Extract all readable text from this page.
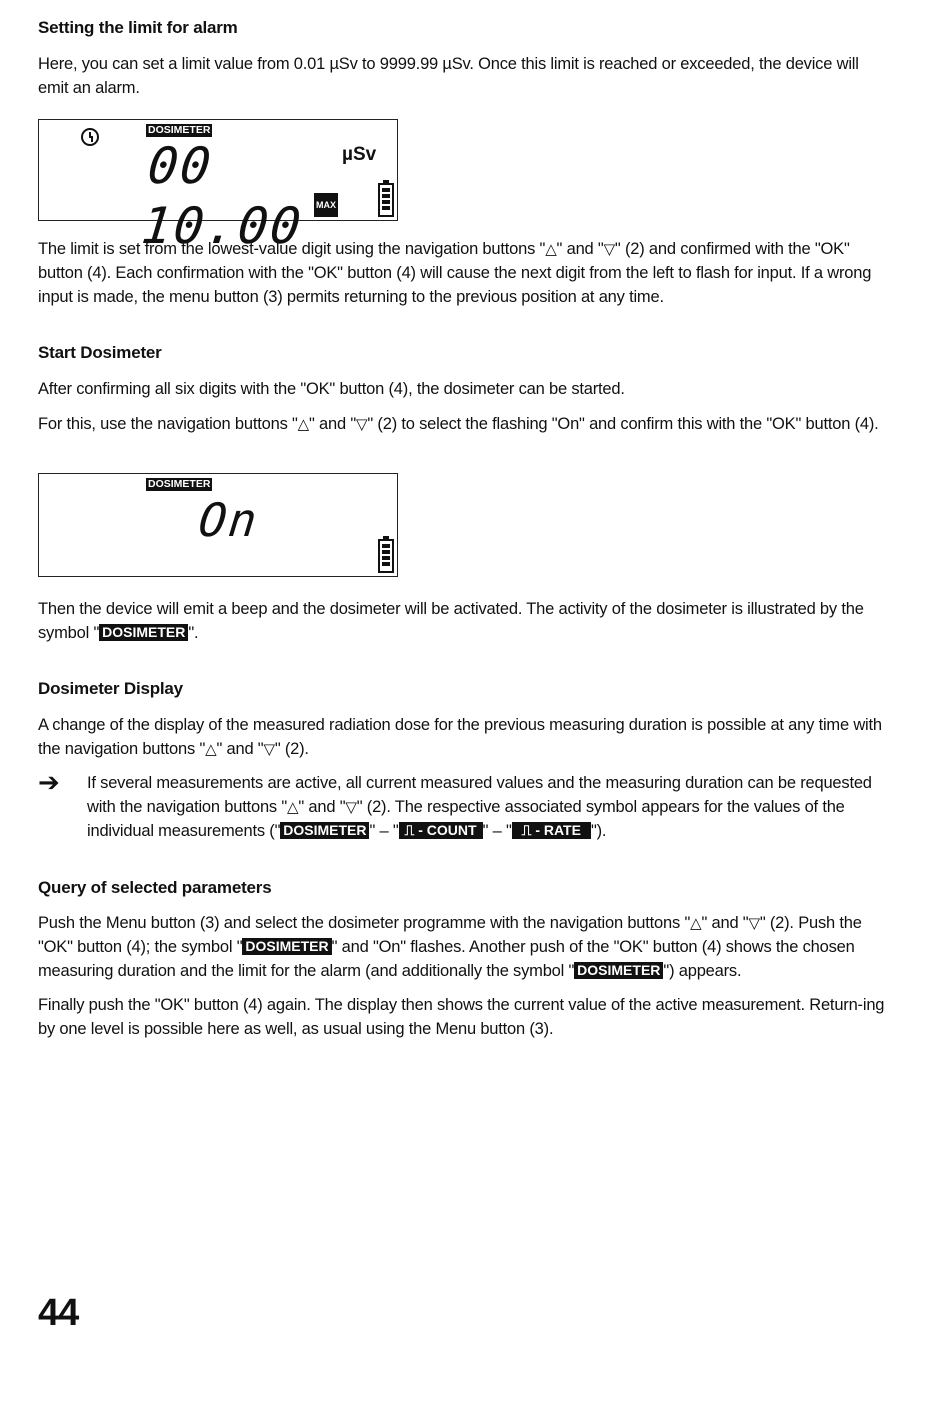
Setting the limit for alarm

Here, you can set a limit value from 0.01 µSv to 9999.99 µSv. Once this limit is reached or exceeded, the device will emit an alarm.

DOSIMETER
00 10.00
µSv
MAX

The limit is set from the lowest-value digit using the navigation buttons "△" and "▽" (2) and confirmed with the "OK" button (4). Each confirmation with the "OK" button (4) will cause the next digit from the left to flash for input. If a wrong input is made, the menu button (3) permits returning to the previous position at any time.

Start Dosimeter

After confirming all six digits with the "OK" button (4), the dosimeter can be started.

For this, use the navigation buttons "△" and "▽" (2) to select the flashing "On" and confirm this with the "OK" button (4).

DOSIMETER
On

Then the device will emit a beep and the dosimeter will be activated. The activity of the dosimeter is illustrated by the symbol " DOSIMETER ".

Dosimeter Display

A change of the display of the measured radiation dose for the previous measuring duration is possible at any time with the navigation buttons "△" and "▽" (2).

➔ If several measurements are active, all current measured values and the measuring duration can be requested with the navigation buttons "△" and "▽" (2). The respective associated symbol appears for the values of the individual measurements (" DOSIMETER " – " ⎍ - COUNT " – " ⎍ - RATE ").
Query of selected parameters

Push the Menu button (3) and select the dosimeter programme with the navigation buttons "△" and "▽" (2). Push the "OK" button (4); the symbol " DOSIMETER " and "On" flashes. Another push of the "OK" button (4) shows the chosen measuring duration and the limit for the alarm (and additionally the symbol " DOSIMETER ") appears.

Finally push the "OK" button (4) again. The display then shows the current value of the active measurement. Return-ing by one level is possible here as well, as usual using the Menu button (3).

44
